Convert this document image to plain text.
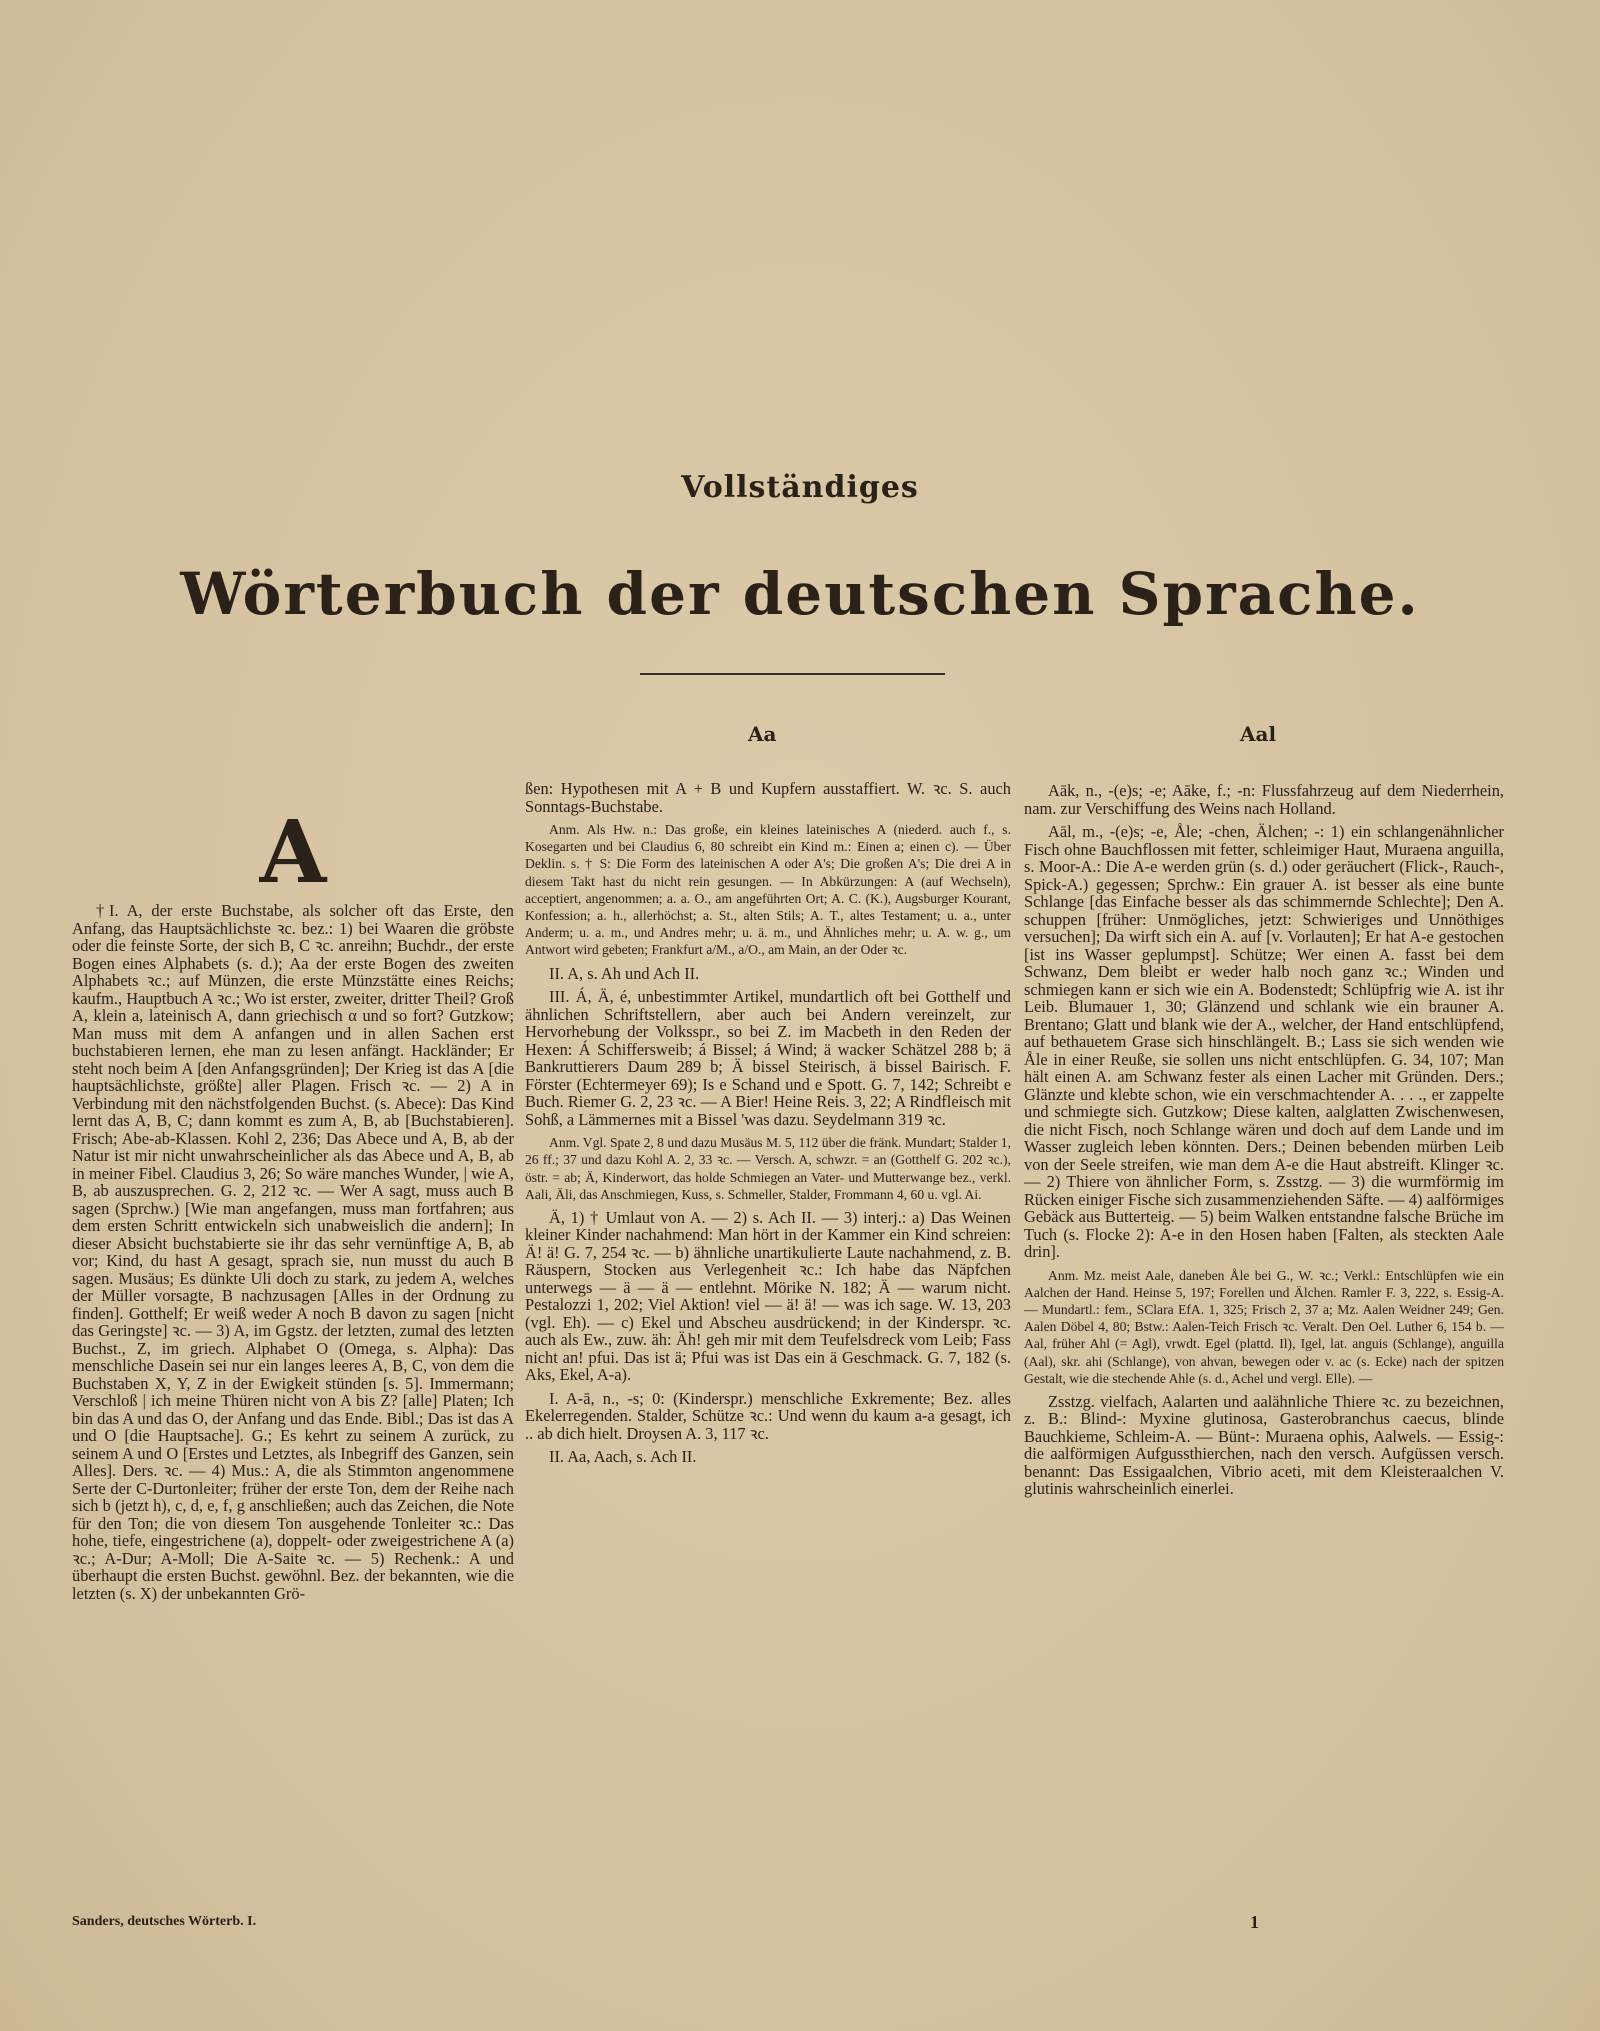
Vollständiges
Wörterbuch der deutschen Sprache.
Aa	Aal
A

†I. A, der erste Buchstabe, als solcher oft das Erste, den Anfang, das Hauptsächlichste ꝛc. bez.: 1) bei Waaren die gröbste oder die feinste Sorte, der sich B, C ꝛc. anreihn; Buchdr., der erste Bogen eines Alphabets (s. d.); Aa der erste Bogen des zweiten Alphabets ꝛc.; auf Münzen, die erste Münzstätte eines Reichs; kaufm., Hauptbuch A ꝛc.; Wo ist erster, zweiter, dritter Theil? Groß A, klein a, lateinisch A, dann griechisch α und so fort? Gutzkow; Man muss mit dem A anfangen und in allen Sachen erst buchstabieren lernen, ehe man zu lesen anfängt. Hackländer; Er steht noch beim A [den Anfangsgründen]; Der Krieg ist das A [die hauptsächlichste, größte] aller Plagen. Frisch ꝛc. — 2) A in Verbindung mit den nächstfolgenden Buchst. (s. Abece): Das Kind lernt das A, B, C; dann kommt es zum A, B, ab [Buchstabieren]. Frisch; Abe-ab-Klassen. Kohl 2, 236; Das Abece und A, B, ab der Natur ist mir nicht unwahrscheinlicher als das Abece und A, B, ab in meiner Fibel. Claudius 3, 26; So wäre manches Wunder, | wie A, B, ab auszusprechen. G. 2, 212 ꝛc. — Wer A sagt, muss auch B sagen (Sprchw.) [Wie man angefangen, muss man fortfahren; aus dem ersten Schritt entwickeln sich unabweislich die andern]; In dieser Absicht buchstabierte sie ihr das sehr vernünftige A, B, ab vor; Kind, du hast A gesagt, sprach sie, nun musst du auch B sagen. Musäus; Es dünkte Uli doch zu stark, zu jedem A, welches der Müller vorsagte, B nachzusagen [Alles in der Ordnung zu finden]. Gotthelf; Er weiß weder A noch B davon zu sagen [nicht das Geringste] ꝛc. — 3) A, im Ggstz. der letzten, zumal des letzten Buchst., Z, im griech. Alphabet O (Omega, s. Alpha): Das menschliche Dasein sei nur ein langes leeres A, B, C, von dem die Buchstaben X, Y, Z in der Ewigkeit stünden [s. 5]. Immermann; Verschloß | ich meine Thüren nicht von A bis Z? [alle] Platen; Ich bin das A und das O, der Anfang und das Ende. Bibl.; Das ist das A und O [die Hauptsache]. G.; Es kehrt zu seinem A zurück, zu seinem A und O [Erstes und Letztes, als Inbegriff des Ganzen, sein Alles]. Ders. ꝛc. — 4) Mus.: A, die als Stimmton angenommene Serte der C-Durtonleiter; früher der erste Ton, dem der Reihe nach sich b (jetzt h), c, d, e, f, g anschließen; auch das Zeichen, die Note für den Ton; die von diesem Ton ausgehende Tonleiter ꝛc.: Das hohe, tiefe, eingestrichene (a), doppelt- oder zweigestrichene A (a) ꝛc.; A-Dur; A-Moll; Die A-Saite ꝛc. — 5) Rechenk.: A und überhaupt die ersten Buchst. gewöhnl. Bez. der bekannten, wie die letzten (s. X) der unbekannten Grö-

ßen: Hypothesen mit A + B und Kupfern ausstaffiert. W. ꝛc. S. auch Sonntags-Buchstabe.

Anm. Als Hw. n.: Das große, ein kleines lateinisches A (niederd. auch f., s. Kosegarten und bei Claudius 6, 80 schreibt ein Kind m.: Einen a; einen c). — Über Deklin. s. † S: Die Form des lateinischen A oder A's; Die großen A's; Die drei A in diesem Takt hast du nicht rein gesungen. — In Abkürzungen: A (auf Wechseln), acceptiert, angenommen; a. a. O., am angeführten Ort; A. C. (K.), Augsburger Kourant, Konfession; a. h., allerhöchst; a. St., alten Stils; A. T., altes Testament; u. a., unter Anderm; u. a. m., und Andres mehr; u. ä. m., und Ähnliches mehr; u. A. w. g., um Antwort wird gebeten; Frankfurt a/M., a/O., am Main, an der Oder ꝛc.

II. A, s. Ah und Ach II.

III. Á, Ä, é, unbestimmter Artikel, mundartlich oft bei Gotthelf und ähnlichen Schriftstellern, aber auch bei Andern vereinzelt, zur Hervorhebung der Volksspr., so bei Z. im Macbeth in den Reden der Hexen: Á Schiffersweib; á Bissel; á Wind; ä wacker Schätzel 288 b; ä Bankruttierers Daum 289 b; Ä bissel Steirisch, ä bissel Bairisch. F. Förster (Echtermeyer 69); Is e Schand und e Spott. G. 7, 142; Schreibt e Buch. Riemer G. 2, 23 ꝛc. — A Bier! Heine Reis. 3, 22; A Rindfleisch mit Sohß, a Lämmernes mit a Bissel 'was dazu. Seydelmann 319 ꝛc.

Anm. Vgl. Spate 2, 8 und dazu Musäus M. 5, 112 über die fränk. Mundart; Stalder 1, 26 ff.; 37 und dazu Kohl A. 2, 33 ꝛc. — Versch. A, schwzr. = an (Gotthelf G. 202 ꝛc.), östr. = ab; Ä, Kinderwort, das holde Schmiegen an Vater- und Mutterwange bez., verkl. Aali, Äli, das Anschmiegen, Kuss, s. Schmeller, Stalder, Frommann 4, 60 u. vgl. Ai.

Ä, 1) † Umlaut von A. — 2) s. Ach II. — 3) interj.: a) Das Weinen kleiner Kinder nachahmend: Man hört in der Kammer ein Kind schreien: Ä! ä! G. 7, 254 ꝛc. — b) ähnliche unartikulierte Laute nachahmend, z. B. Räuspern, Stocken aus Verlegenheit ꝛc.: Ich habe das Näpfchen unterwegs — ä — ä — entlehnt. Mörike N. 182; Ä — warum nicht. Pestalozzi 1, 202; Viel Aktion! viel — ä! ä! — was ich sage. W. 13, 203 (vgl. Eh). — c) Ekel und Abscheu ausdrückend; in der Kinderspr. ꝛc. auch als Ew., zuw. äh: Äh! geh mir mit dem Teufelsdreck vom Leib; Fass nicht an! pfui. Das ist ä; Pfui was ist Das ein ä Geschmack. G. 7, 182 (s. Aks, Ekel, A-a).

I. A-ā, n., -s; 0: (Kinderspr.) menschliche Exkremente; Bez. alles Ekelerregenden. Stalder, Schütze ꝛc.: Und wenn du kaum a-a gesagt, ich .. ab dich hielt. Droysen A. 3, 117 ꝛc.

II. Aa, Aach, s. Ach II.

Aāk, n., -(e)s; -e; Aāke, f.; -n: Flussfahrzeug auf dem Niederrhein, nam. zur Verschiffung des Weins nach Holland.

Aāl, m., -(e)s; -e, Åle; -chen, Älchen; -: 1) ein schlangenähnlicher Fisch ohne Bauchflossen mit fetter, schleimiger Haut, Muraena anguilla, s. Moor-A.: Die A-e werden grün (s. d.) oder geräuchert (Flick-, Rauch-, Spick-A.) gegessen; Sprchw.: Ein grauer A. ist besser als eine bunte Schlange [das Einfache besser als das schimmernde Schlechte]; Den A. schuppen [früher: Unmögliches, jetzt: Schwieriges und Unnöthiges versuchen]; Da wirft sich ein A. auf [v. Vorlauten]; Er hat A-e gestochen [ist ins Wasser geplumpst]. Schütze; Wer einen A. fasst bei dem Schwanz, Dem bleibt er weder halb noch ganz ꝛc.; Winden und schmiegen kann er sich wie ein A. Bodenstedt; Schlüpfrig wie A. ist ihr Leib. Blumauer 1, 30; Glänzend und schlank wie ein brauner A. Brentano; Glatt und blank wie der A., welcher, der Hand entschlüpfend, auf bethauetem Grase sich hinschlängelt. B.; Lass sie sich wenden wie Åle in einer Reuße, sie sollen uns nicht entschlüpfen. G. 34, 107; Man hält einen A. am Schwanz fester als einen Lacher mit Gründen. Ders.; Glänzte und klebte schon, wie ein verschmachtender A. . . ., er zappelte und schmiegte sich. Gutzkow; Diese kalten, aalglatten Zwischenwesen, die nicht Fisch, noch Schlange wären und doch auf dem Lande und im Wasser zugleich leben könnten. Ders.; Deinen bebenden mürben Leib von der Seele streifen, wie man dem A-e die Haut abstreift. Klinger ꝛc. — 2) Thiere von ähnlicher Form, s. Zsstzg. — 3) die wurmförmig im Rücken einiger Fische sich zusammenziehenden Säfte. — 4) aalförmiges Gebäck aus Butterteig. — 5) beim Walken entstandne falsche Brüche im Tuch (s. Flocke 2): A-e in den Hosen haben [Falten, als steckten Aale drin].

Anm. Mz. meist Aale, daneben Åle bei G., W. ꝛc.; Verkl.: Entschlüpfen wie ein Aalchen der Hand. Heinse 5, 197; Forellen und Älchen. Ramler F. 3, 222, s. Essig-A. — Mundartl.: fem., SClara EfA. 1, 325; Frisch 2, 37 a; Mz. Aalen Weidner 249; Gen. Aalen Döbel 4, 80; Bstw.: Aalen-Teich Frisch ꝛc. Veralt. Den Oel. Luther 6, 154 b. — Aal, früher Ahl (= Agl), vrwdt. Egel (plattd. Il), Igel, lat. anguis (Schlange), anguilla (Aal), skr. ahi (Schlange), von ahvan, bewegen oder v. ac (s. Ecke) nach der spitzen Gestalt, wie die stechende Ahle (s. d., Achel und vergl. Elle). —

Zsstzg. vielfach, Aalarten und aalähnliche Thiere ꝛc. zu bezeichnen, z. B.: Blind-: Myxine glutinosa, Gasterobranchus caecus, blinde Bauchkieme, Schleim-A. — Bünt-: Muraena ophis, Aalwels. — Essig-: die aalförmigen Aufgussthierchen, nach den versch. Aufgüssen versch. benannt: Das Essigaalchen, Vibrio aceti, mit dem Kleisteraalchen V. glutinis wahrscheinlich einerlei.

Sanders, deutsches Wörterb. I.	1
